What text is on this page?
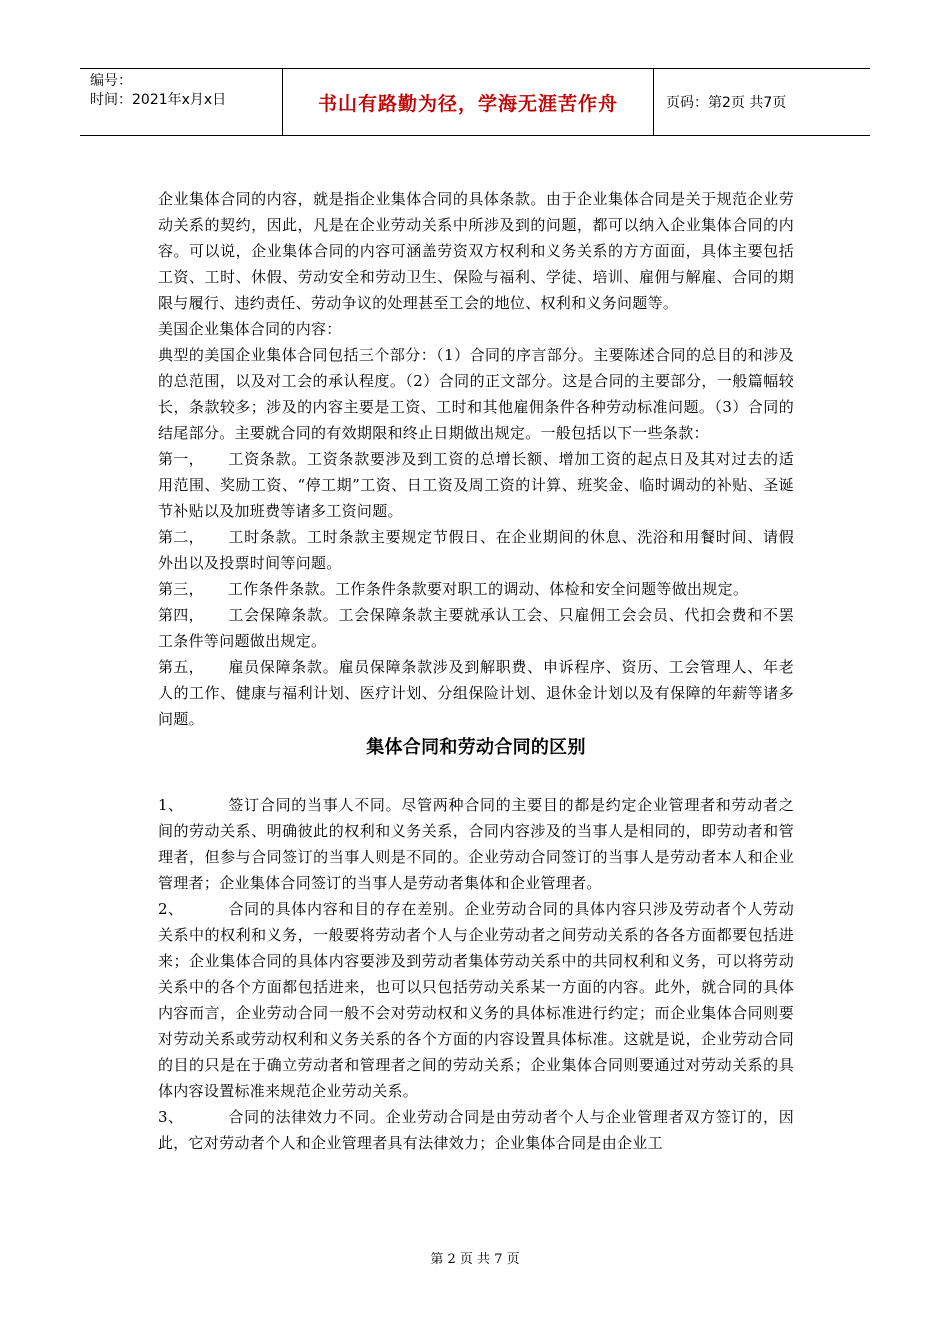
编号：
时间：2021年x月x日	书山有路勤为径，学海无涯苦作舟	页码：第2页 共7页

企业集体合同的内容，就是指企业集体合同的具体条款。由于企业集体合同是关于规范企业劳动关系的契约，因此，凡是在企业劳动关系中所涉及到的问题，都可以纳入企业集体合同的内容。可以说，企业集体合同的内容可涵盖劳资双方权利和义务关系的方方面面，具体主要包括工资、工时、休假、劳动安全和劳动卫生、保险与福利、学徒、培训、雇佣与解雇、合同的期限与履行、违约责任、劳动争议的处理甚至工会的地位、权利和义务问题等。

美国企业集体合同的内容：

典型的美国企业集体合同包括三个部分：（1）合同的序言部分。主要陈述合同的总目的和涉及的总范围，以及对工会的承认程度。（2）合同的正文部分。这是合同的主要部分，一般篇幅较长，条款较多；涉及的内容主要是工资、工时和其他雇佣条件各种劳动标准问题。（3）合同的结尾部分。主要就合同的有效期限和终止日期做出规定。一般包括以下一些条款：

第一， 工资条款。工资条款要涉及到工资的总增长额、增加工资的起点日及其对过去的适用范围、奖励工资、“停工期”工资、日工资及周工资的计算、班奖金、临时调动的补贴、圣诞节补贴以及加班费等诸多工资问题。

第二， 工时条款。工时条款主要规定节假日、在企业期间的休息、洗浴和用餐时间、请假外出以及投票时间等问题。

第三， 工作条件条款。工作条件条款要对职工的调动、体检和安全问题等做出规定。

第四， 工会保障条款。工会保障条款主要就承认工会、只雇佣工会会员、代扣会费和不罢工条件等问题做出规定。

第五， 雇员保障条款。雇员保障条款涉及到解职费、申诉程序、资历、工会管理人、年老人的工作、健康与福利计划、医疗计划、分组保险计划、退休金计划以及有保障的年薪等诸多问题。

集体合同和劳动合同的区别

1、	签订合同的当事人不同。尽管两种合同的主要目的都是约定企业管理者和劳动者之间的劳动关系、明确彼此的权利和义务关系，合同内容涉及的当事人是相同的，即劳动者和管理者，但参与合同签订的当事人则是不同的。企业劳动合同签订的当事人是劳动者本人和企业管理者；企业集体合同签订的当事人是劳动者集体和企业管理者。

2、	合同的具体内容和目的存在差别。企业劳动合同的具体内容只涉及劳动者个人劳动关系中的权利和义务，一般要将劳动者个人与企业劳动者之间劳动关系的各各方面都要包括进来；企业集体合同的具体内容要涉及到劳动者集体劳动关系中的共同权利和义务，可以将劳动关系中的各个方面都包括进来，也可以只包括劳动关系某一方面的内容。此外，就合同的具体内容而言，企业劳动合同一般不会对劳动权和义务的具体标准进行约定；而企业集体合同则要对劳动关系或劳动权利和义务关系的各个方面的内容设置具体标准。这就是说，企业劳动合同的目的只是在于确立劳动者和管理者之间的劳动关系；企业集体合同则要通过对劳动关系的具体内容设置标准来规范企业劳动关系。

3、	合同的法律效力不同。企业劳动合同是由劳动者个人与企业管理者双方签订的，因此，它对劳动者个人和企业管理者具有法律效力；企业集体合同是由企业工

第 2 页 共 7 页
